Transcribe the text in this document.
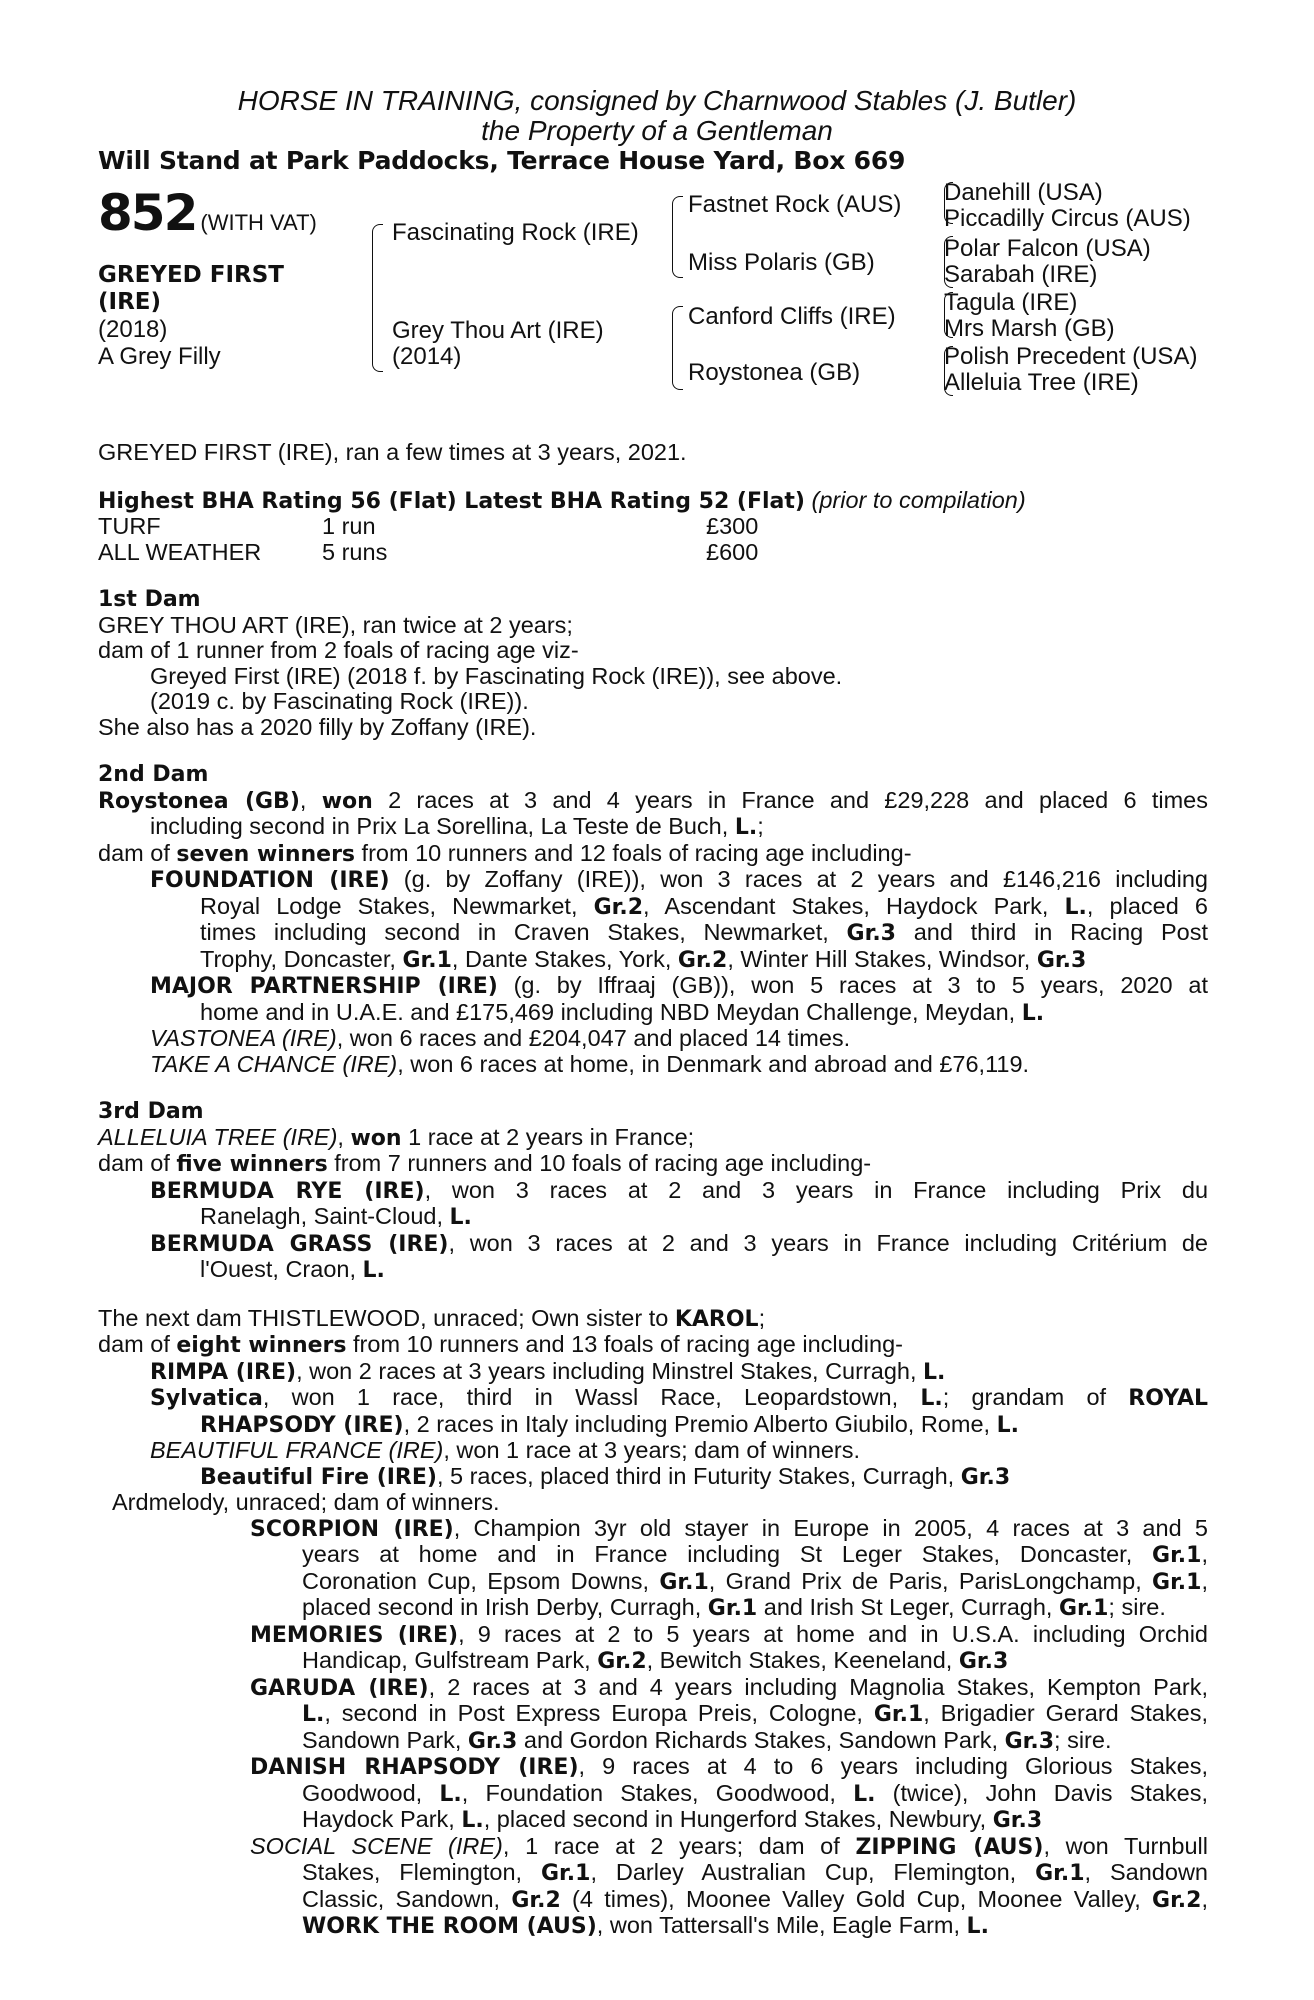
HORSE IN TRAINING, consigned by Charnwood Stables (J. Butler)
the Property of a Gentleman
Will Stand at Park Paddocks, Terrace House Yard, Box 669
852 (WITH VAT)
GREYED FIRST
(IRE)
(2018)
A Grey Filly
Fascinating Rock (IRE)
Grey Thou Art (IRE)
(2014)
Fastnet Rock (AUS)
Miss Polaris (GB)
Canford Cliffs (IRE)
Roystonea (GB)
Danehill (USA)
Piccadilly Circus (AUS)
Polar Falcon (USA)
Sarabah (IRE)
Tagula (IRE)
Mrs Marsh (GB)
Polish Precedent (USA)
Alleluia Tree (IRE)
GREYED FIRST (IRE), ran a few times at 3 years, 2021.
Highest BHA Rating 56 (Flat) Latest BHA Rating 52 (Flat) (prior to compilation)
TURF	1 run	£300
ALL WEATHER	5 runs	£600
1st Dam
GREY THOU ART (IRE), ran twice at 2 years;
dam of 1 runner from 2 foals of racing age viz-
Greyed First (IRE) (2018 f. by Fascinating Rock (IRE)), see above.
(2019 c. by Fascinating Rock (IRE)).
She also has a 2020 filly by Zoffany (IRE).
2nd Dam
Roystonea (GB), won 2 races at 3 and 4 years in France and £29,228 and placed 6 times
including second in Prix La Sorellina, La Teste de Buch, L.;
dam of seven winners from 10 runners and 12 foals of racing age including-
FOUNDATION (IRE) (g. by Zoffany (IRE)), won 3 races at 2 years and £146,216 including
Royal Lodge Stakes, Newmarket, Gr.2, Ascendant Stakes, Haydock Park, L., placed 6
times including second in Craven Stakes, Newmarket, Gr.3 and third in Racing Post
Trophy, Doncaster, Gr.1, Dante Stakes, York, Gr.2, Winter Hill Stakes, Windsor, Gr.3
MAJOR PARTNERSHIP (IRE) (g. by Iffraaj (GB)), won 5 races at 3 to 5 years, 2020 at
home and in U.A.E. and £175,469 including NBD Meydan Challenge, Meydan, L.
VASTONEA (IRE), won 6 races and £204,047 and placed 14 times.
TAKE A CHANCE (IRE), won 6 races at home, in Denmark and abroad and £76,119.
3rd Dam
ALLELUIA TREE (IRE), won 1 race at 2 years in France;
dam of five winners from 7 runners and 10 foals of racing age including-
BERMUDA RYE (IRE), won 3 races at 2 and 3 years in France including Prix du
Ranelagh, Saint-Cloud, L.
BERMUDA GRASS (IRE), won 3 races at 2 and 3 years in France including Critérium de
l'Ouest, Craon, L.
The next dam THISTLEWOOD, unraced; Own sister to KAROL;
dam of eight winners from 10 runners and 13 foals of racing age including-
RIMPA (IRE), won 2 races at 3 years including Minstrel Stakes, Curragh, L.
Sylvatica, won 1 race, third in Wassl Race, Leopardstown, L.; grandam of ROYAL
RHAPSODY (IRE), 2 races in Italy including Premio Alberto Giubilo, Rome, L.
BEAUTIFUL FRANCE (IRE), won 1 race at 3 years; dam of winners.
Beautiful Fire (IRE), 5 races, placed third in Futurity Stakes, Curragh, Gr.3
Ardmelody, unraced; dam of winners.
SCORPION (IRE), Champion 3yr old stayer in Europe in 2005, 4 races at 3 and 5
years at home and in France including St Leger Stakes, Doncaster, Gr.1,
Coronation Cup, Epsom Downs, Gr.1, Grand Prix de Paris, ParisLongchamp, Gr.1,
placed second in Irish Derby, Curragh, Gr.1 and Irish St Leger, Curragh, Gr.1; sire.
MEMORIES (IRE), 9 races at 2 to 5 years at home and in U.S.A. including Orchid
Handicap, Gulfstream Park, Gr.2, Bewitch Stakes, Keeneland, Gr.3
GARUDA (IRE), 2 races at 3 and 4 years including Magnolia Stakes, Kempton Park,
L., second in Post Express Europa Preis, Cologne, Gr.1, Brigadier Gerard Stakes,
Sandown Park, Gr.3 and Gordon Richards Stakes, Sandown Park, Gr.3; sire.
DANISH RHAPSODY (IRE), 9 races at 4 to 6 years including Glorious Stakes,
Goodwood, L., Foundation Stakes, Goodwood, L. (twice), John Davis Stakes,
Haydock Park, L., placed second in Hungerford Stakes, Newbury, Gr.3
SOCIAL SCENE (IRE), 1 race at 2 years; dam of ZIPPING (AUS), won Turnbull
Stakes, Flemington, Gr.1, Darley Australian Cup, Flemington, Gr.1, Sandown
Classic, Sandown, Gr.2 (4 times), Moonee Valley Gold Cup, Moonee Valley, Gr.2,
WORK THE ROOM (AUS), won Tattersall's Mile, Eagle Farm, L.
